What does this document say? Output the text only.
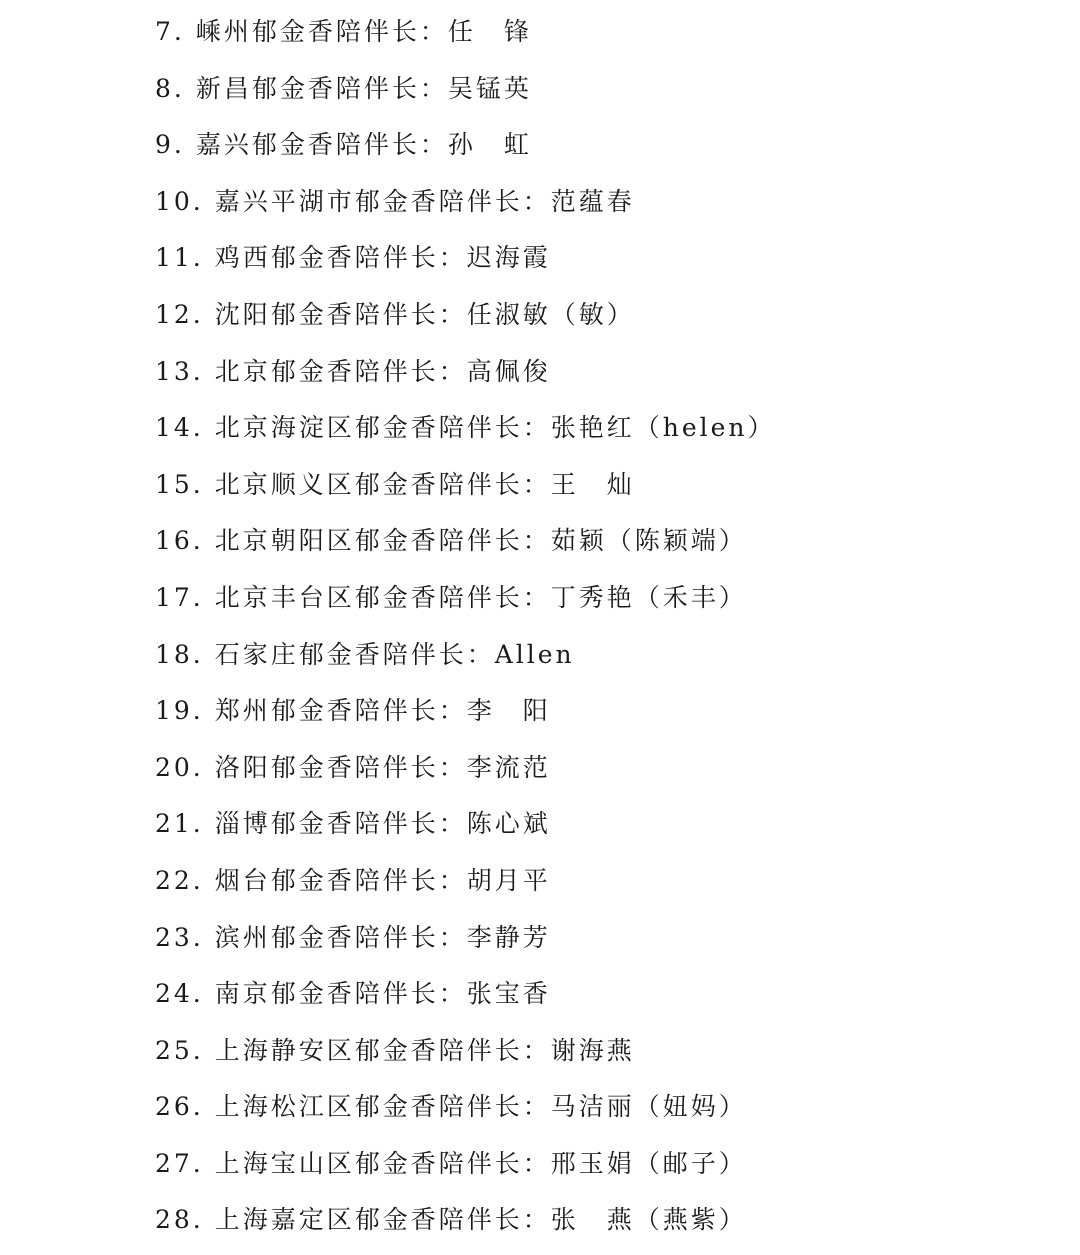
7. 嵊州郁金香陪伴长：任　锋
8. 新昌郁金香陪伴长：吴锰英
9. 嘉兴郁金香陪伴长：孙　虹
10. 嘉兴平湖市郁金香陪伴长：范蕴春
11. 鸡西郁金香陪伴长：迟海霞
12. 沈阳郁金香陪伴长：任淑敏（敏）
13. 北京郁金香陪伴长：高佩俊
14. 北京海淀区郁金香陪伴长：张艳红（helen）
15. 北京顺义区郁金香陪伴长：王　灿
16. 北京朝阳区郁金香陪伴长：茹颖（陈颖端）
17. 北京丰台区郁金香陪伴长：丁秀艳（禾丰）
18. 石家庄郁金香陪伴长：Allen
19. 郑州郁金香陪伴长：李　阳
20. 洛阳郁金香陪伴长：李流范
21. 淄博郁金香陪伴长：陈心斌
22. 烟台郁金香陪伴长：胡月平
23. 滨州郁金香陪伴长：李静芳
24. 南京郁金香陪伴长：张宝香
25. 上海静安区郁金香陪伴长：谢海燕
26. 上海松江区郁金香陪伴长：马洁丽（妞妈）
27. 上海宝山区郁金香陪伴长：邢玉娟（邮子）
28. 上海嘉定区郁金香陪伴长：张　燕（燕紫）
